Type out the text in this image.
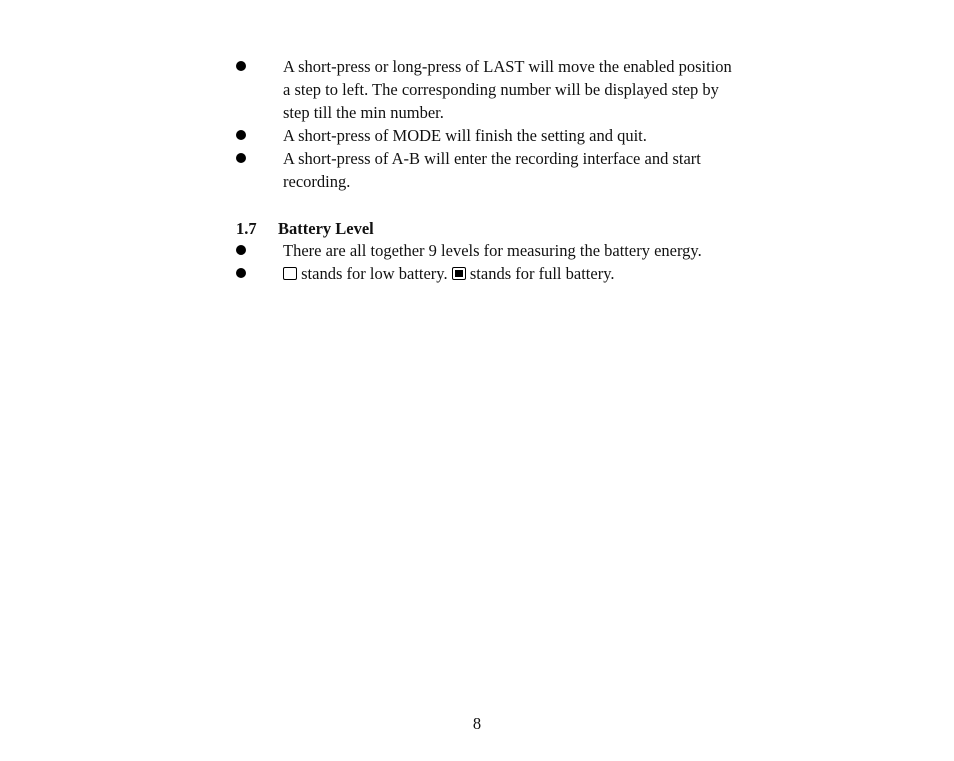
A short-press or long-press of LAST will move the enabled position a step to left. The corresponding number will be displayed step by step till the min number.
A short-press of MODE will finish the setting and quit.
A short-press of A-B will enter the recording interface and start recording.
1.7 Battery Level
There are all together 9 levels for measuring the battery energy.
stands for low battery. stands for full battery.
8
